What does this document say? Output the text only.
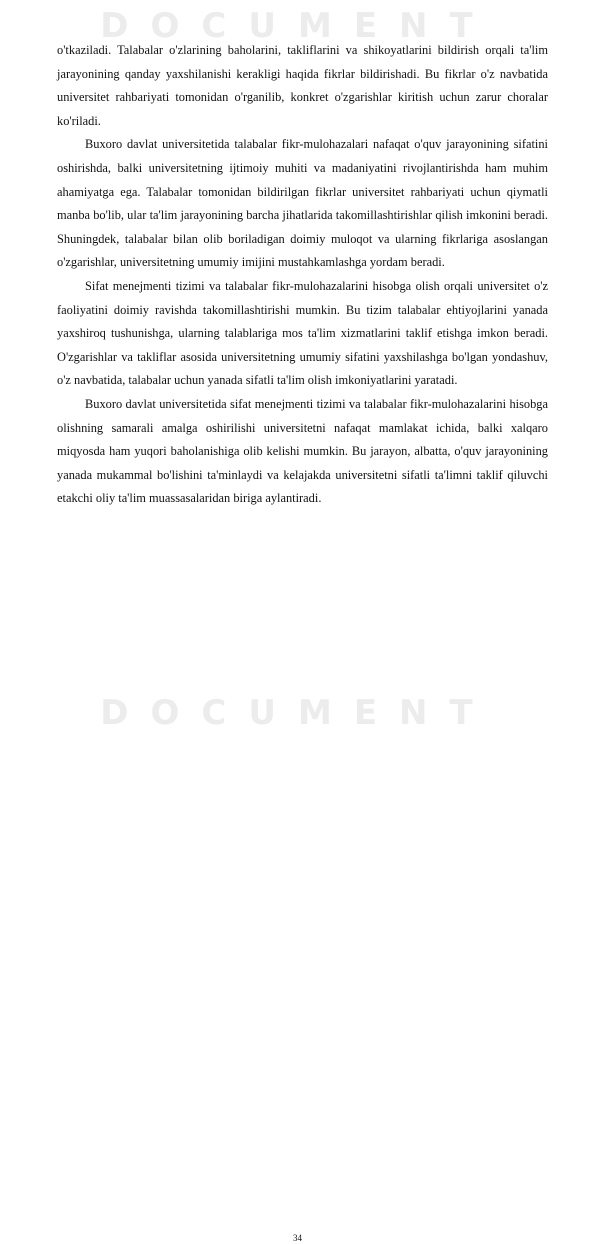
DOCUMENT
DOCUMENT

o'tkaziladi. Talabalar o'zlarining baholarini, takliflarini va shikoyatlarini bildirish orqali ta'lim jarayonining qanday yaxshilanishi kerakligi haqida fikrlar bildirishadi. Bu fikrlar o'z navbatida universitet rahbariyati tomonidan o'rganilib, konkret o'zgarishlar kiritish uchun zarur choralar ko'riladi.

Buxoro davlat universitetida talabalar fikr-mulohazalari nafaqat o'quv jarayonining sifatini oshirishda, balki universitetning ijtimoiy muhiti va madaniyatini rivojlantirishda ham muhim ahamiyatga ega. Talabalar tomonidan bildirilgan fikrlar universitet rahbariyati uchun qiymatli manba bo'lib, ular ta'lim jarayonining barcha jihatlarida takomillashtirishlar qilish imkonini beradi. Shuningdek, talabalar bilan olib boriladigan doimiy muloqot va ularning fikrlariga asoslangan o'zgarishlar, universitetning umumiy imijini mustahkamlashga yordam beradi.

Sifat menejmenti tizimi va talabalar fikr-mulohazalarini hisobga olish orqali universitet o'z faoliyatini doimiy ravishda takomillashtirishi mumkin. Bu tizim talabalar ehtiyojlarini yanada yaxshiroq tushunishga, ularning talablariga mos ta'lim xizmatlarini taklif etishga imkon beradi. O'zgarishlar va takliflar asosida universitetning umumiy sifatini yaxshilashga bo'lgan yondashuv, o'z navbatida, talabalar uchun yanada sifatli ta'lim olish imkoniyatlarini yaratadi.

Buxoro davlat universitetida sifat menejmenti tizimi va talabalar fikr-mulohazalarini hisobga olishning samarali amalga oshirilishi universitetni nafaqat mamlakat ichida, balki xalqaro miqyosda ham yuqori baholanishiga olib kelishi mumkin. Bu jarayon, albatta, o'quv jarayonining yanada mukammal bo'lishini ta'minlaydi va kelajakda universitetni sifatli ta'limni taklif qiluvchi etakchi oliy ta'lim muassasalaridan biriga aylantiradi.

34
